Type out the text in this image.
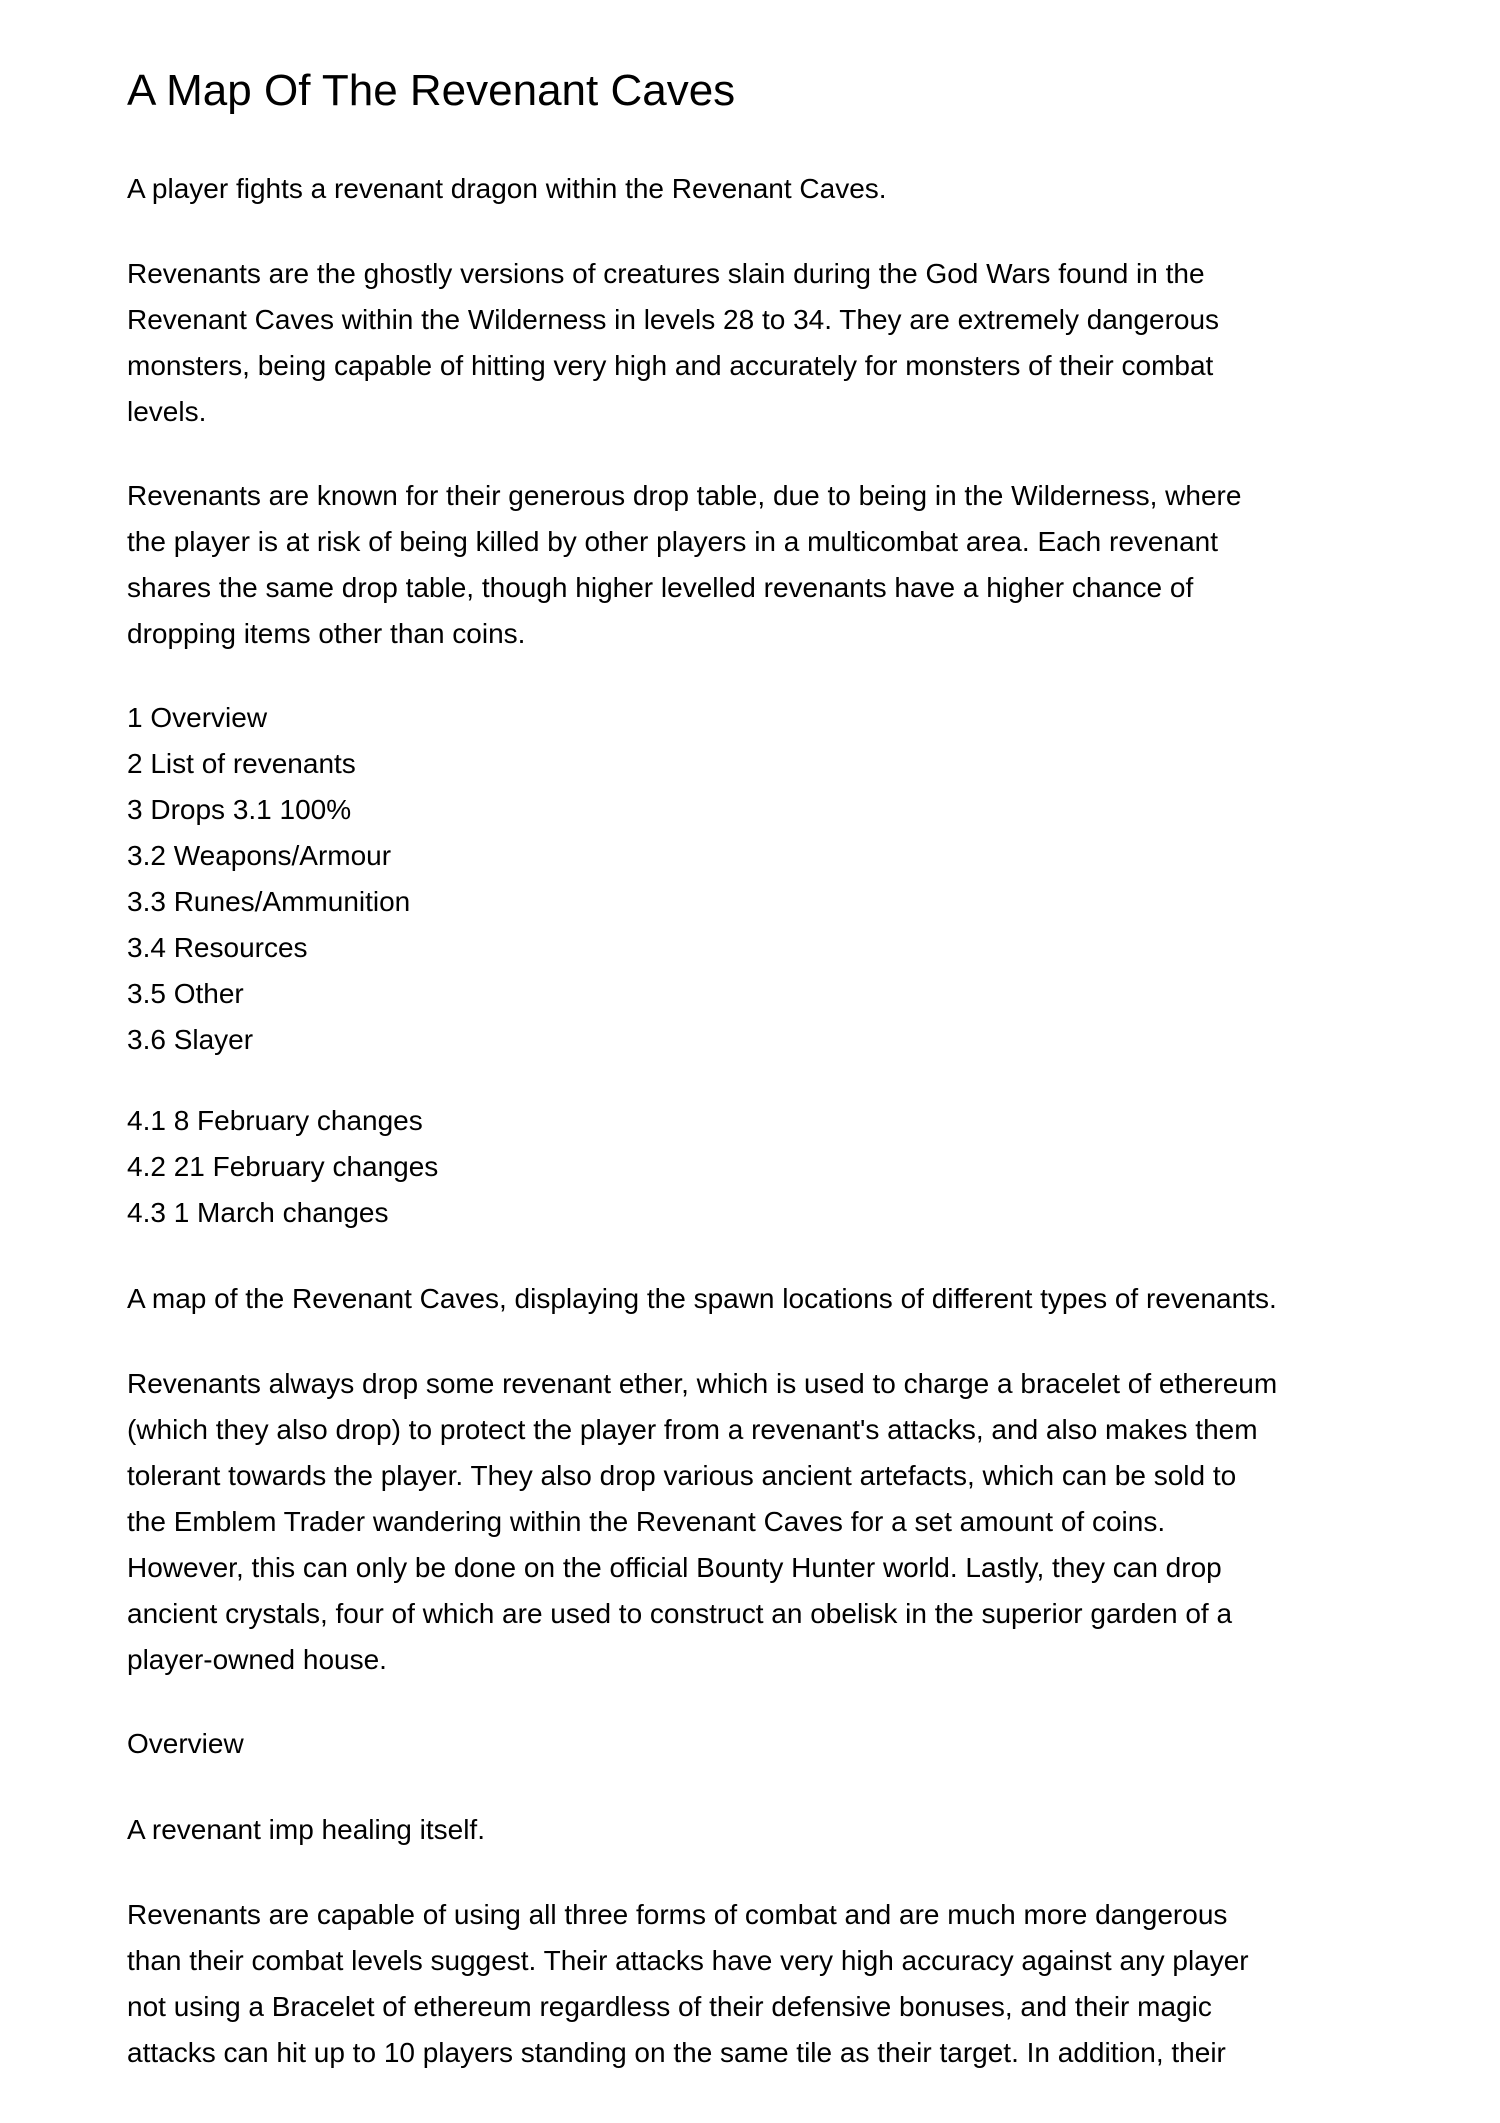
A Map Of The Revenant Caves

A player fights a revenant dragon within the Revenant Caves.

Revenants are the ghostly versions of creatures slain during the God Wars found in the
Revenant Caves within the Wilderness in levels 28 to 34. They are extremely dangerous
monsters, being capable of hitting very high and accurately for monsters of their combat
levels.

Revenants are known for their generous drop table, due to being in the Wilderness, where
the player is at risk of being killed by other players in a multicombat area. Each revenant
shares the same drop table, though higher levelled revenants have a higher chance of
dropping items other than coins.

1 Overview
2 List of revenants
3 Drops 3.1 100%
3.2 Weapons/Armour
3.3 Runes/Ammunition
3.4 Resources
3.5 Other
3.6 Slayer
4.1 8 February changes
4.2 21 February changes
4.3 1 March changes

A map of the Revenant Caves, displaying the spawn locations of different types of revenants.

Revenants always drop some revenant ether, which is used to charge a bracelet of ethereum
(which they also drop) to protect the player from a revenant's attacks, and also makes them
tolerant towards the player. They also drop various ancient artefacts, which can be sold to
the Emblem Trader wandering within the Revenant Caves for a set amount of coins.
However, this can only be done on the official Bounty Hunter world. Lastly, they can drop
ancient crystals, four of which are used to construct an obelisk in the superior garden of a
player-owned house.

Overview

A revenant imp healing itself.

Revenants are capable of using all three forms of combat and are much more dangerous
than their combat levels suggest. Their attacks have very high accuracy against any player
not using a Bracelet of ethereum regardless of their defensive bonuses, and their magic
attacks can hit up to 10 players standing on the same tile as their target. In addition, their
